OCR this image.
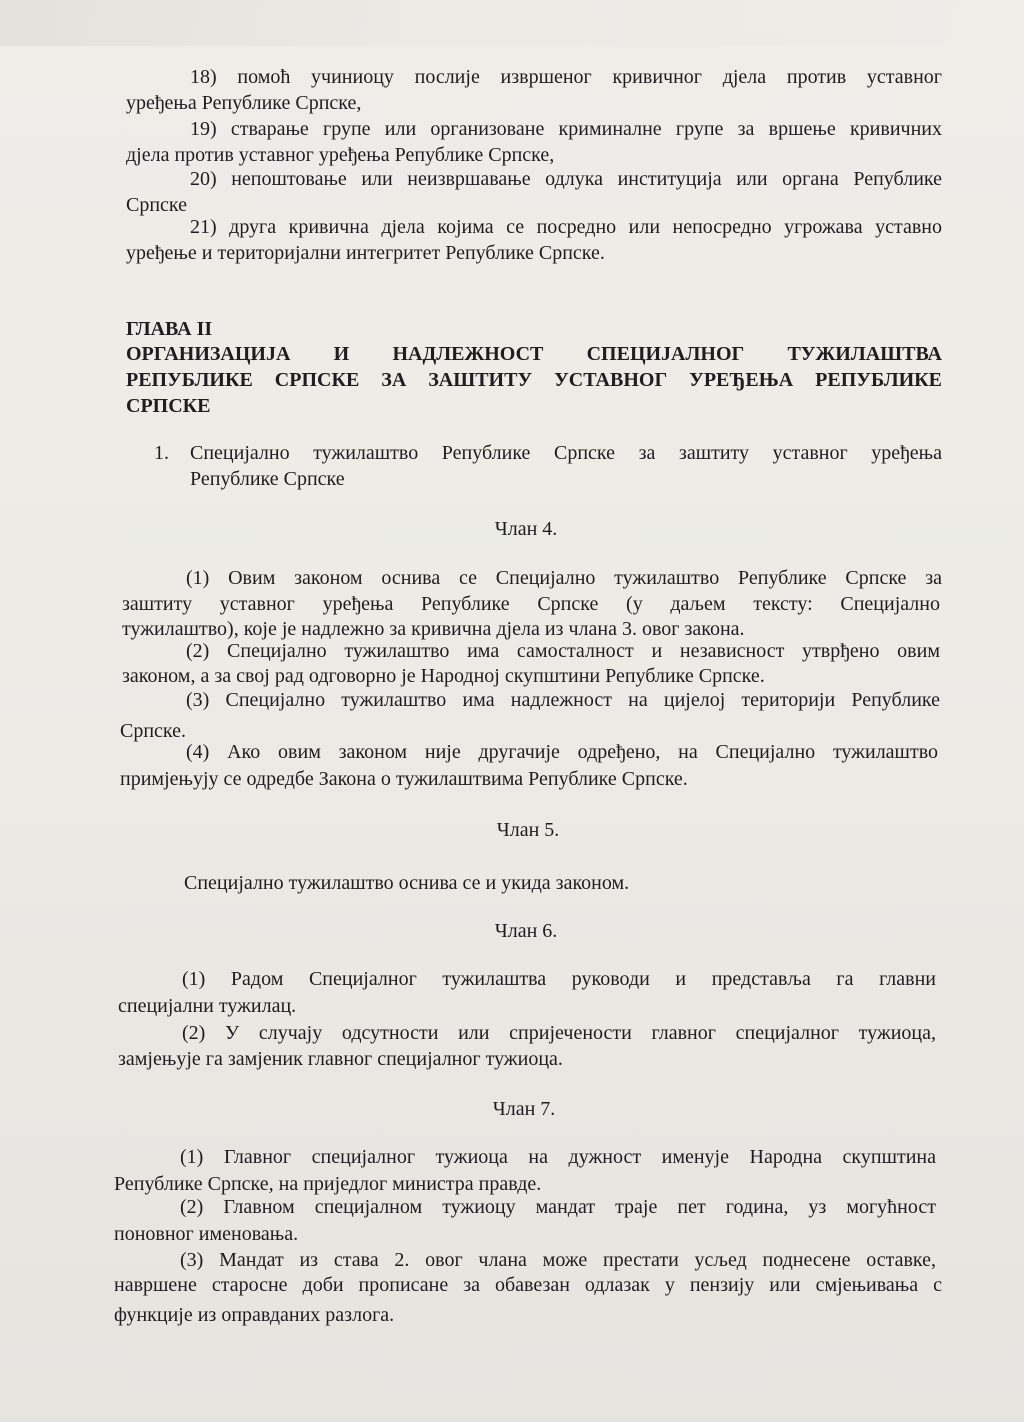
18) помоћ учиниоцу послије извршеног кривичног дјела против уставног
уређења Републике Српске,
19) стварање групе или организоване криминалне групе за вршење кривичних
дјела против уставног уређења Републике Српске,
20) непоштовање или неизвршавање одлука институција или органа Републике
Српске
21) друга кривична дјела којима се посредно или непосредно угрожава уставно
уређење и територијални интегритет Републике Српске.
ГЛАВА II
ОРГАНИЗАЦИЈА И НАДЛЕЖНОСТ СПЕЦИЈАЛНОГ ТУЖИЛАШТВА
РЕПУБЛИКЕ СРПСКЕ ЗА ЗАШТИТУ УСТАВНОГ УРЕЂЕЊА РЕПУБЛИКЕ
СРПСКЕ
1. Специјално тужилаштво Републике Српске за заштиту уставног уређења
Републике Српске
Члан 4.
(1) Овим законом оснива се Специјално тужилаштво Републике Српске за
заштиту уставног уређења Републике Српске (у даљем тексту: Специјално
тужилаштво), које је надлежно за кривична дјела из члана 3. овог закона.
(2) Специјално тужилаштво има самосталност и независност утврђено овим
законом, а за свој рад одговорно је Народној скупштини Републике Српске.
(3) Специјално тужилаштво има надлежност на цијелој територији Републике
Српске.
(4) Ако овим законом није другачије одређено, на Специјално тужилаштво
примјењују се одредбе Закона о тужилаштвима Републике Српске.
Члан 5.
Специјално тужилаштво оснива се и укида законом.
Члан 6.
(1) Радом Специјалног тужилаштва руководи и представља га главни
специјални тужилац.
(2) У случају одсутности или спријечености главног специјалног тужиоца,
замјењује га замјеник главног специјалног тужиоца.
Члан 7.
(1) Главног специјалног тужиоца на дужност именује Народна скупштина
Републике Српске, на приједлог министра правде.
(2) Главном специјалном тужиоцу мандат траје пет година, уз могућност
поновног именовања.
(3) Мандат из става 2. овог члана може престати усљед поднесене оставке,
навршене старосне доби прописане за обавезан одлазак у пензију или смјењивања с
функције из оправданих разлога.
